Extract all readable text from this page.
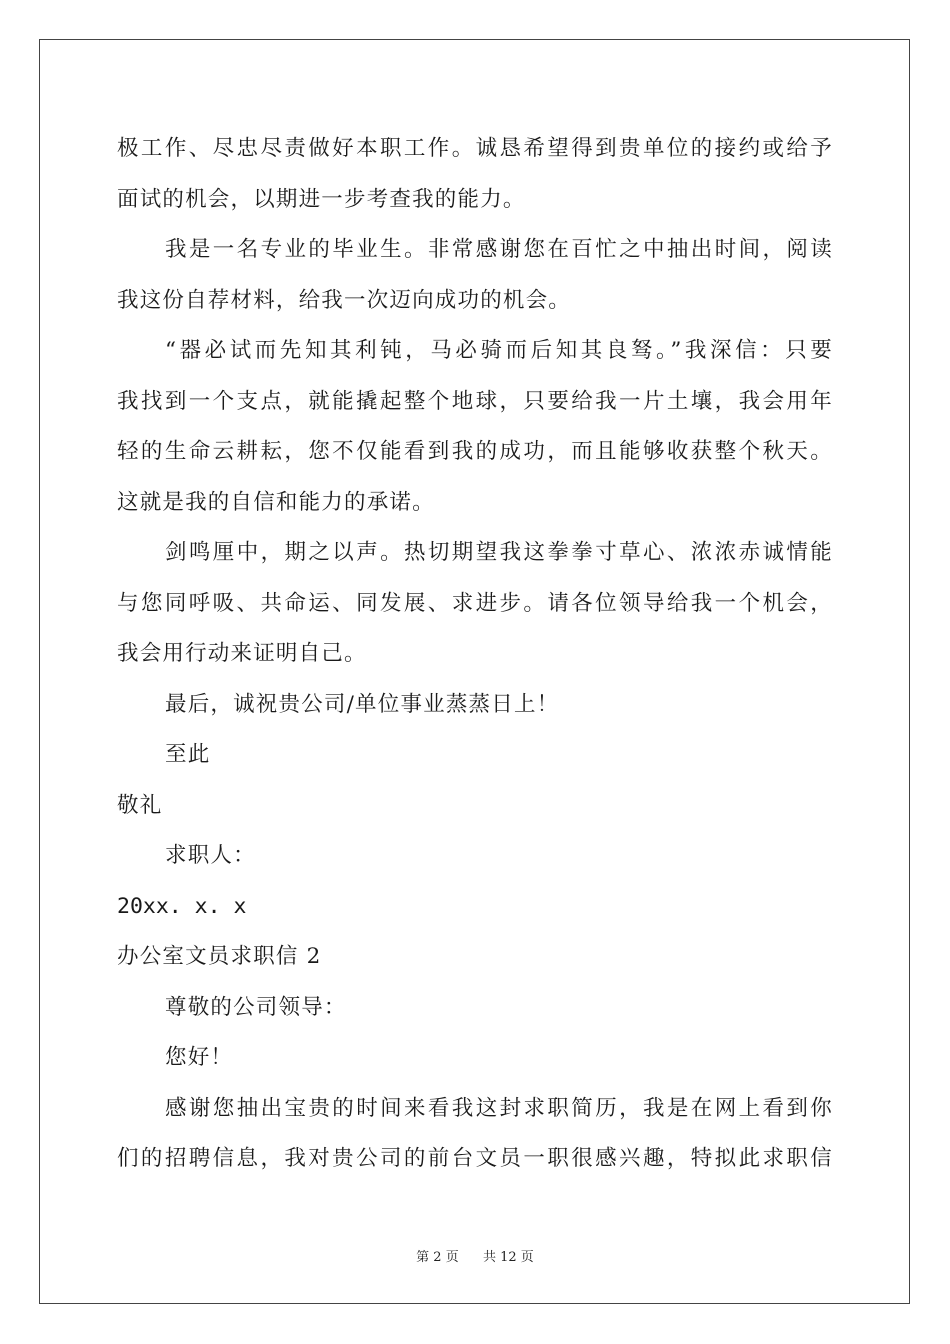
极工作、尽忠尽责做好本职工作。诚恳希望得到贵单位的接约或给予
面试的机会，以期进一步考查我的能力。
我是一名专业的毕业生。非常感谢您在百忙之中抽出时间，阅读
我这份自荐材料，给我一次迈向成功的机会。
“器必试而先知其利钝，马必骑而后知其良驽。”我深信：只要
我找到一个支点，就能撬起整个地球，只要给我一片土壤，我会用年
轻的生命云耕耘，您不仅能看到我的成功，而且能够收获整个秋天。
这就是我的自信和能力的承诺。
剑鸣厘中，期之以声。热切期望我这拳拳寸草心、浓浓赤诚情能
与您同呼吸、共命运、同发展、求进步。请各位领导给我一个机会，
我会用行动来证明自己。
最后，诚祝贵公司/单位事业蒸蒸日上！
至此
敬礼
求职人：
20xx. x. x
办公室文员求职信 2
尊敬的公司领导：
您好！
感谢您抽出宝贵的时间来看我这封求职简历，我是在网上看到你
们的招聘信息，我对贵公司的前台文员一职很感兴趣，特拟此求职信
第 2 页 共 12 页
